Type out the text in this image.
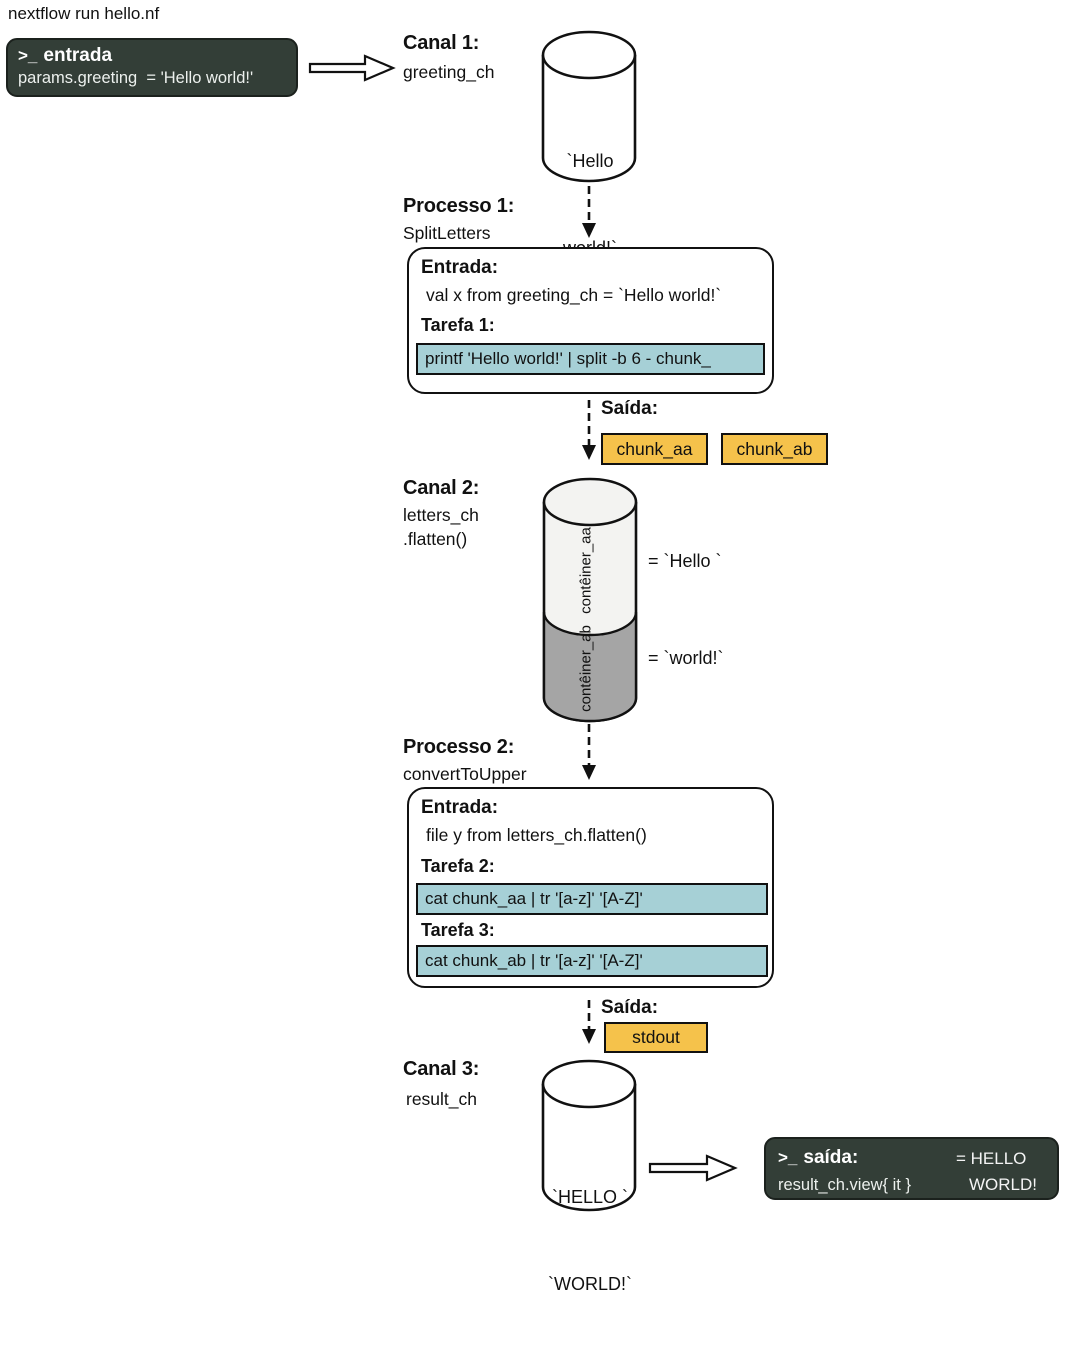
nextflow run hello.nf
>_ entrada
params.greeting  = 'Hello world!'
Canal 1:
greeting_ch

`Hello

Processo 1:
SplitLetters
Entrada:
val x from greeting_ch = `Hello world!`
Tarefa 1:
printf 'Hello world!' | split -b 6 - chunk_
Saída:
chunk_aa	chunk_ab
Canal 2:
letters_ch
.flatten()	contêiner_aa
contêiner_ab
= `Hello `
= `world!`
Processo 2:
convertToUpper
Entrada:
file y from letters_ch.flatten()
Tarefa 2:
cat chunk_aa | tr '[a-z]' '[A-Z]'
Tarefa 3:
cat chunk_ab | tr '[a-z]' '[A-Z]'
Saída:
stdout
Canal 3:
result_ch

`HELLO `

`WORLD!`

>_ saída:
result_ch.view{ it }
= HELLO
WORLD!
